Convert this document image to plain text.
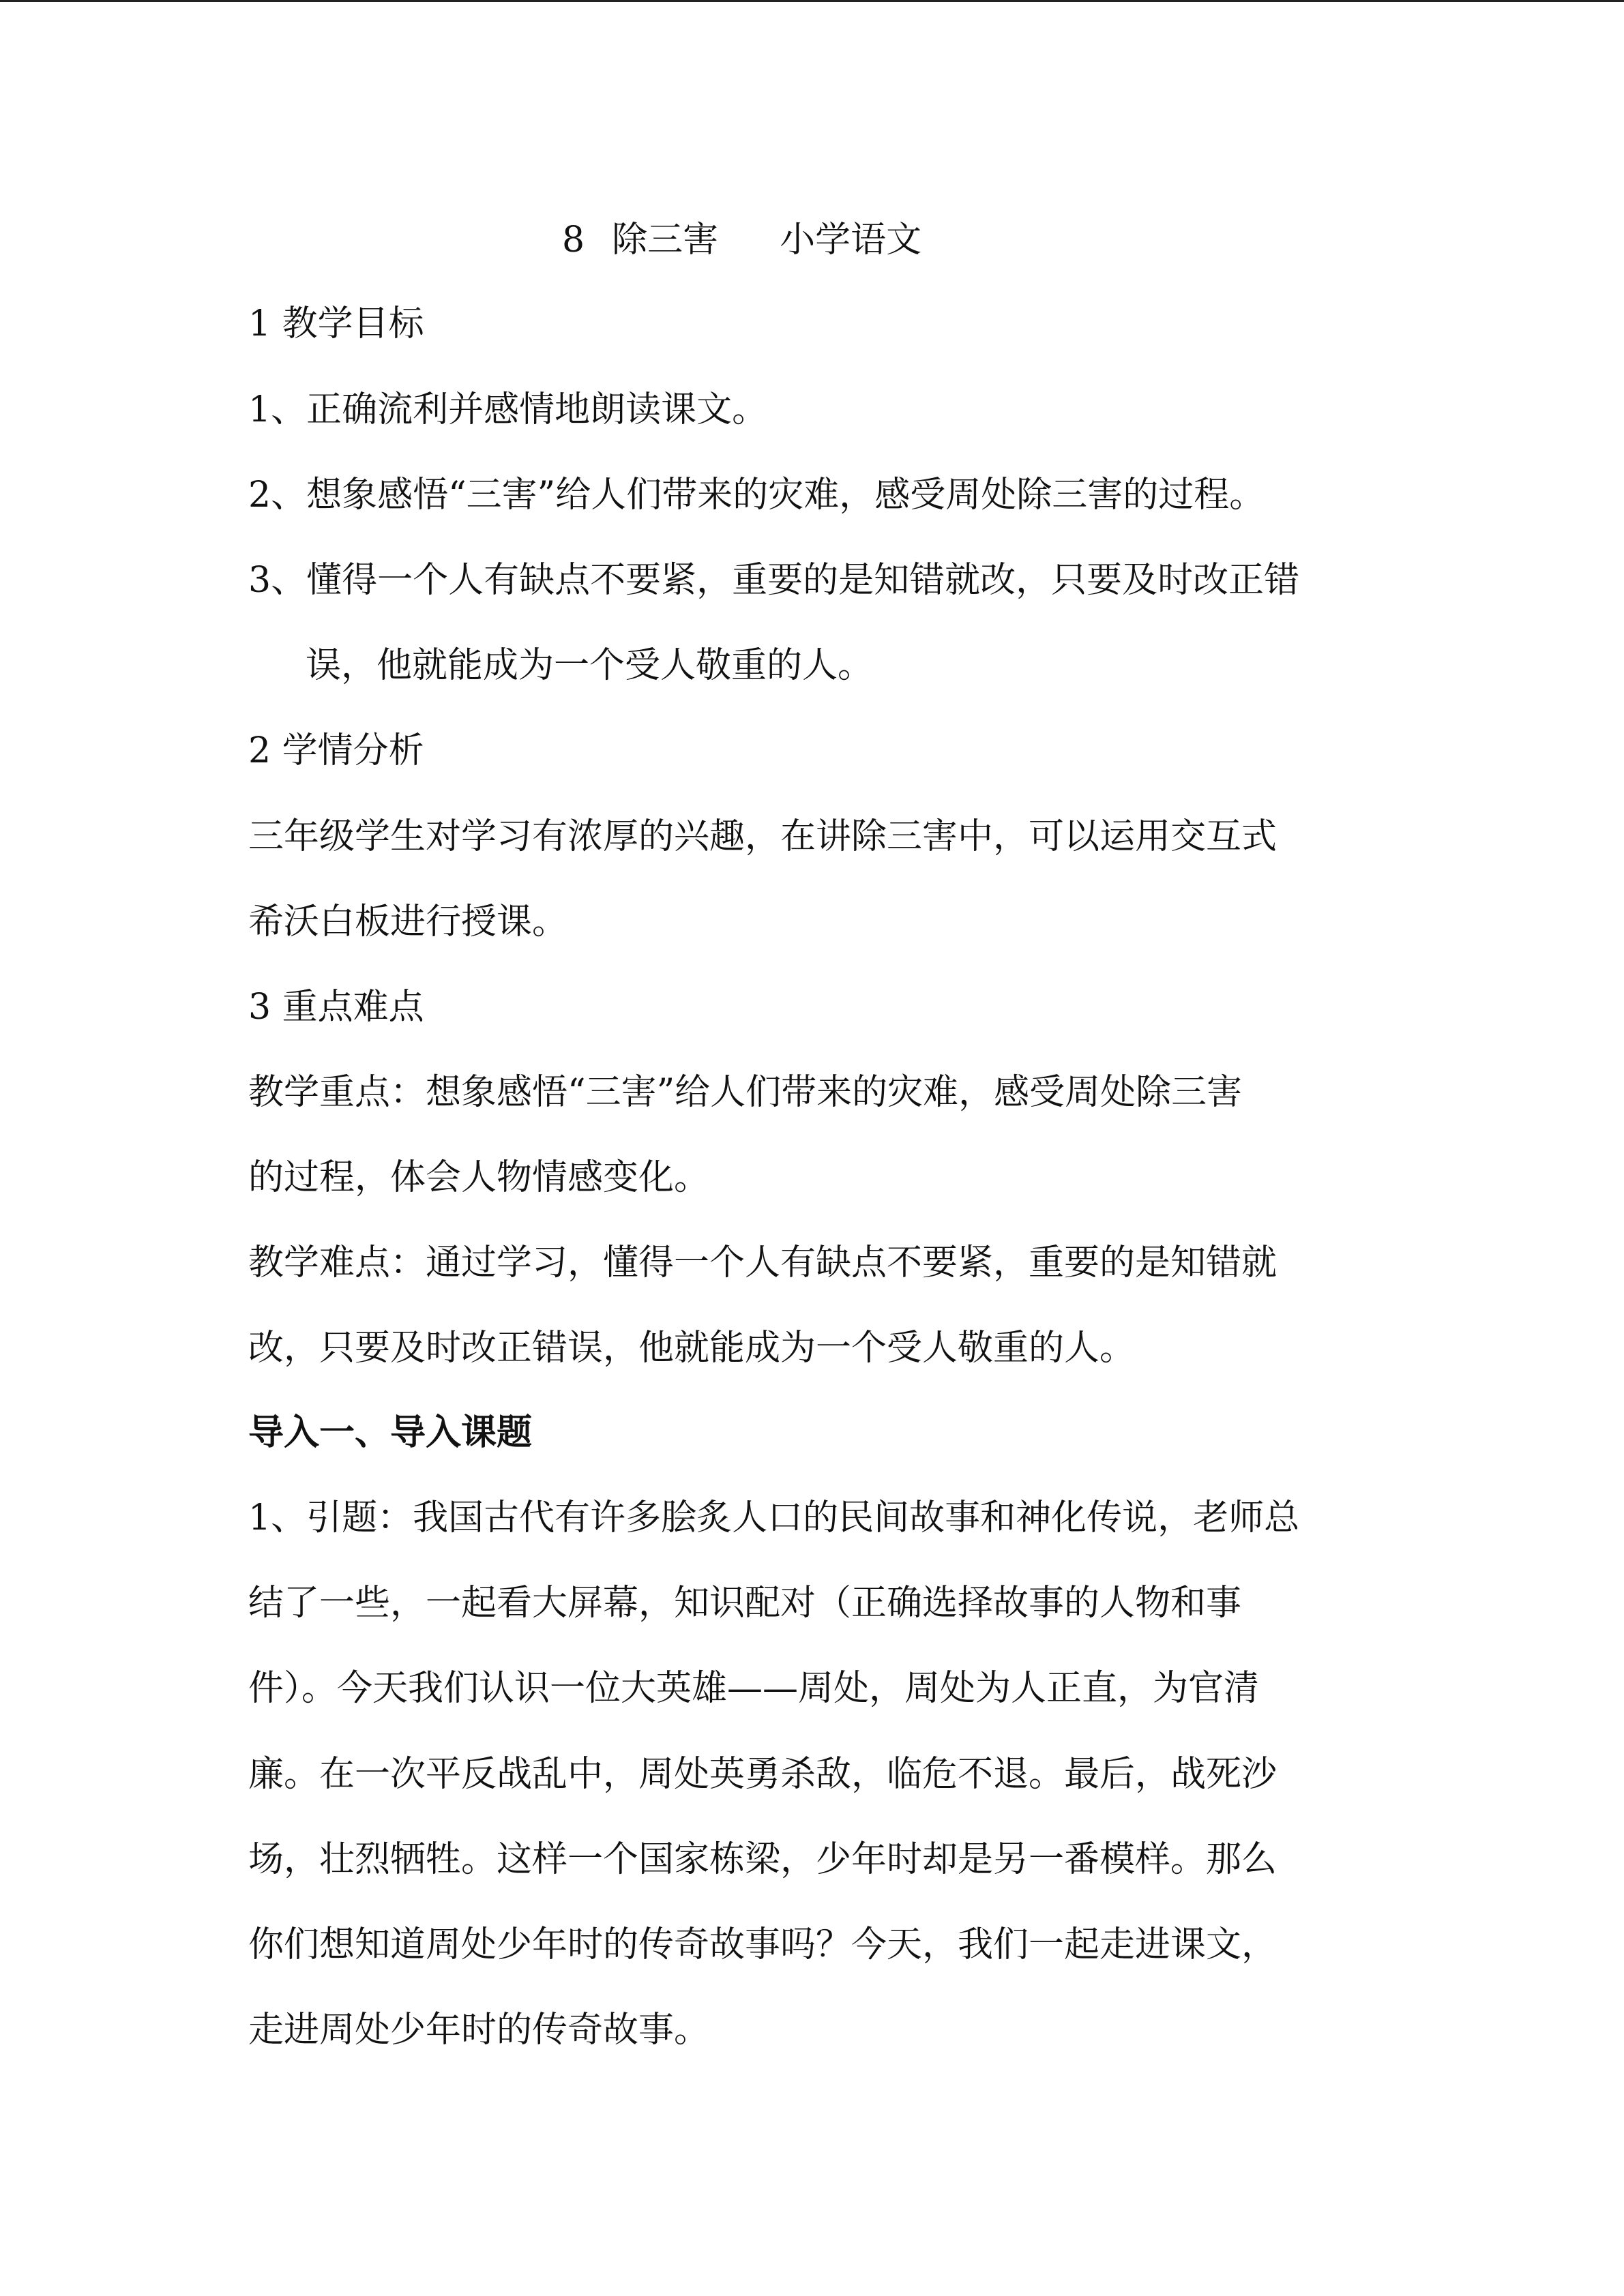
8 除三害 小学语文
1 教学目标
1、正确流利并感情地朗读课文。
2、想象感悟“三害”给人们带来的灾难，感受周处除三害的过程。
3、懂得一个人有缺点不要紧，重要的是知错就改，只要及时改正错
误，他就能成为一个受人敬重的人。
2 学情分析
三年级学生对学习有浓厚的兴趣，在讲除三害中，可以运用交互式
希沃白板进行授课。
3 重点难点
教学重点：想象感悟“三害”给人们带来的灾难，感受周处除三害
的过程，体会人物情感变化。
教学难点：通过学习，懂得一个人有缺点不要紧，重要的是知错就
改，只要及时改正错误，他就能成为一个受人敬重的人。
导入一、导入课题
1、引题：我国古代有许多脍炙人口的民间故事和神化传说，老师总
结了一些，一起看大屏幕，知识配对（正确选择故事的人物和事
件）。今天我们认识一位大英雄——周处，周处为人正直，为官清
廉。在一次平反战乱中，周处英勇杀敌，临危不退。最后，战死沙
场，壮烈牺牲。这样一个国家栋梁，少年时却是另一番模样。那么
你们想知道周处少年时的传奇故事吗？今天，我们一起走进课文，
走进周处少年时的传奇故事。
